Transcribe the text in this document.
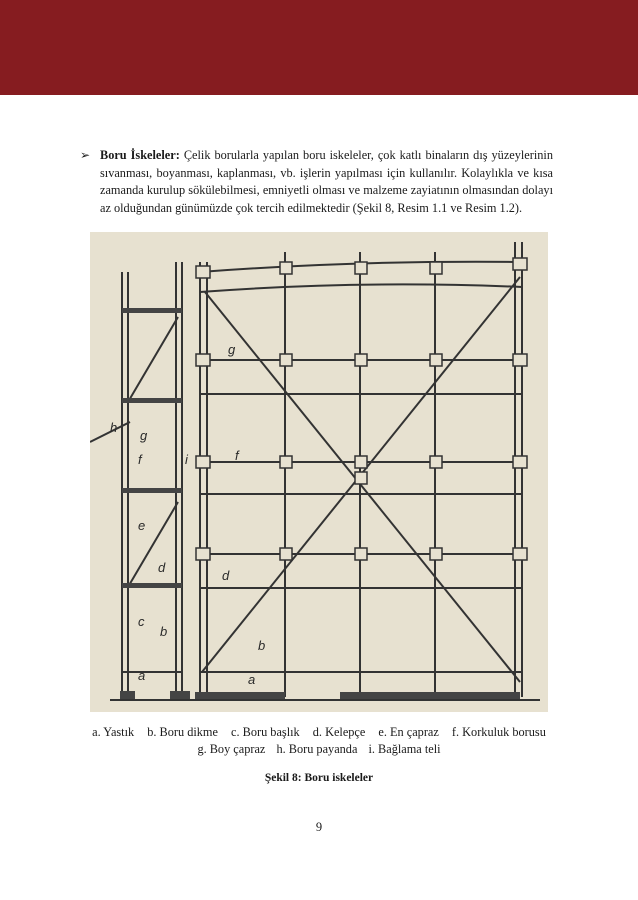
➢ Boru İskeleler: Çelik borularla yapılan boru iskeleler, çok katlı binaların dış yüzeylerinin sıvanması, boyanması, kaplanması, vb. işlerin yapılması için kullanılır. Kolaylıkla ve kısa zamanda kurulup sökülebilmesi, emniyetli olması ve malzeme zayiatının olmasından dolayı az olduğundan günümüzde çok tercih edilmektedir (Şekil 8, Resim 1.1 ve Resim 1.2).
h
g
f	i
e
d
c
b
a
g
f
d
b
a
a. Yastık b. Boru dikme c. Boru başlık d. Kelepçe e. En çapraz f. Korkuluk borusu
g. Boy çapraz h. Boru payanda i. Bağlama teli
Şekil 8: Boru iskeleler
9
